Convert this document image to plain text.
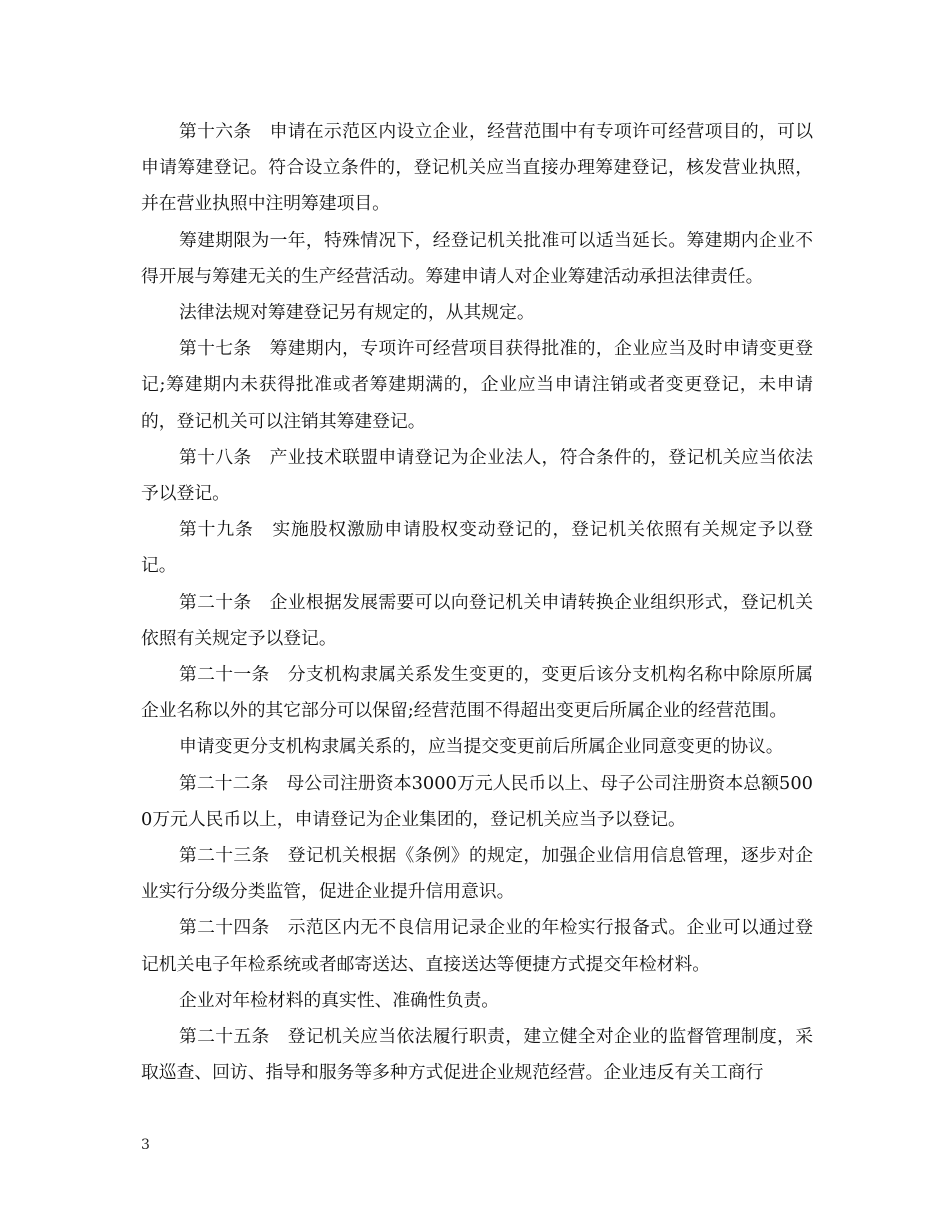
第十六条　申请在示范区内设立企业，经营范围中有专项许可经营项目的，可以申请筹建登记。符合设立条件的，登记机关应当直接办理筹建登记，核发营业执照，并在营业执照中注明筹建项目。

筹建期限为一年，特殊情况下，经登记机关批准可以适当延长。筹建期内企业不得开展与筹建无关的生产经营活动。筹建申请人对企业筹建活动承担法律责任。

法律法规对筹建登记另有规定的，从其规定。

第十七条　筹建期内，专项许可经营项目获得批准的，企业应当及时申请变更登记;筹建期内未获得批准或者筹建期满的，企业应当申请注销或者变更登记，未申请的，登记机关可以注销其筹建登记。

第十八条　产业技术联盟申请登记为企业法人，符合条件的，登记机关应当依法予以登记。

第十九条　实施股权激励申请股权变动登记的，登记机关依照有关规定予以登记。

第二十条　企业根据发展需要可以向登记机关申请转换企业组织形式，登记机关依照有关规定予以登记。

第二十一条　分支机构隶属关系发生变更的，变更后该分支机构名称中除原所属企业名称以外的其它部分可以保留;经营范围不得超出变更后所属企业的经营范围。

申请变更分支机构隶属关系的，应当提交变更前后所属企业同意变更的协议。

第二十二条　母公司注册资本3000万元人民币以上、母子公司注册资本总额5000万元人民币以上，申请登记为企业集团的，登记机关应当予以登记。

第二十三条　登记机关根据《条例》的规定，加强企业信用信息管理，逐步对企业实行分级分类监管，促进企业提升信用意识。

第二十四条　示范区内无不良信用记录企业的年检实行报备式。企业可以通过登记机关电子年检系统或者邮寄送达、直接送达等便捷方式提交年检材料。

企业对年检材料的真实性、准确性负责。

第二十五条　登记机关应当依法履行职责，建立健全对企业的监督管理制度，采取巡查、回访、指导和服务等多种方式促进企业规范经营。企业违反有关工商行

3
